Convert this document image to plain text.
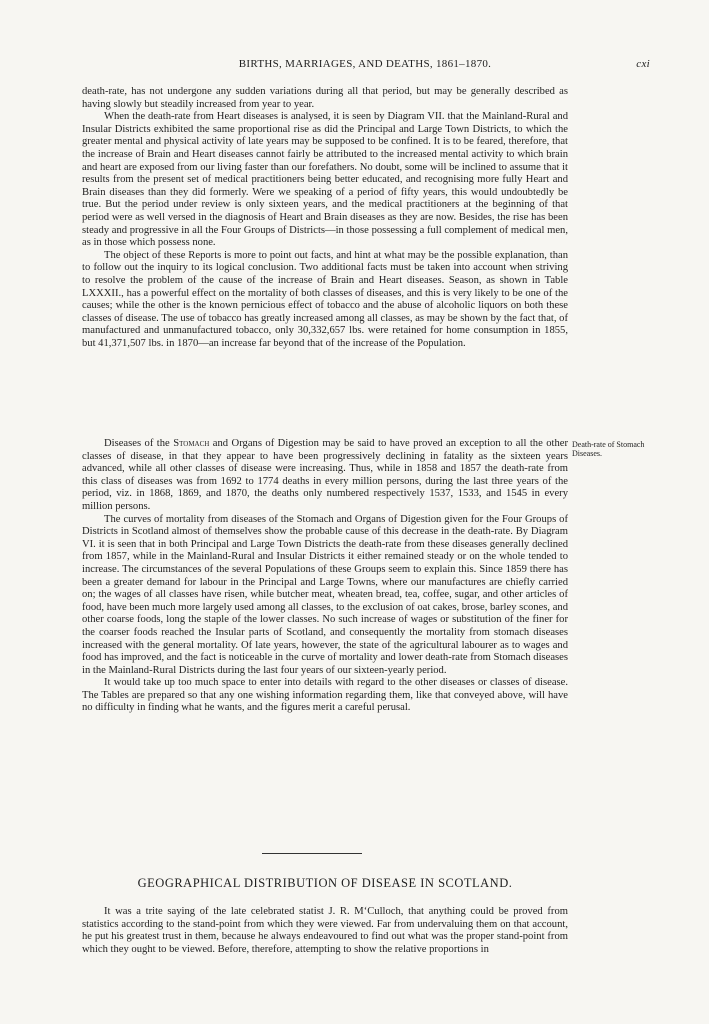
BIRTHS, MARRIAGES, AND DEATHS, 1861–1870.	cxi

death-rate, has not undergone any sudden variations during all that period, but may be generally described as having slowly but steadily increased from year to year.

When the death-rate from Heart diseases is analysed, it is seen by Diagram VII. that the Mainland-Rural and Insular Districts exhibited the same proportional rise as did the Principal and Large Town Districts, to which the greater mental and physical activity of late years may be supposed to be confined. It is to be feared, therefore, that the increase of Brain and Heart diseases cannot fairly be attributed to the increased mental activity to which brain and heart are exposed from our living faster than our forefathers. No doubt, some will be inclined to assume that it results from the present set of medical practitioners being better educated, and recognising more fully Heart and Brain diseases than they did formerly. Were we speaking of a period of fifty years, this would undoubtedly be true. But the period under review is only sixteen years, and the medical practitioners at the beginning of that period were as well versed in the diagnosis of Heart and Brain diseases as they are now. Besides, the rise has been steady and progressive in all the Four Groups of Districts—in those possessing a full complement of medical men, as in those which possess none.

The object of these Reports is more to point out facts, and hint at what may be the possible explanation, than to follow out the inquiry to its logical conclusion. Two additional facts must be taken into account when striving to resolve the problem of the cause of the increase of Brain and Heart diseases. Season, as shown in Table LXXXII., has a powerful effect on the mortality of both classes of diseases, and this is very likely to be one of the causes; while the other is the known pernicious effect of tobacco and the abuse of alcoholic liquors on both these classes of disease. The use of tobacco has greatly increased among all classes, as may be shown by the fact that, of manufactured and unmanufactured tobacco, only 30,332,657 lbs. were retained for home consumption in 1855, but 41,371,507 lbs. in 1870—an increase far beyond that of the increase of the Population.

Death-rate of Stomach Diseases.

Diseases of the Stomach and Organs of Digestion may be said to have proved an exception to all the other classes of disease, in that they appear to have been progressively declining in fatality as the sixteen years advanced, while all other classes of disease were increasing. Thus, while in 1858 and 1857 the death-rate from this class of diseases was from 1692 to 1774 deaths in every million persons, during the last three years of the period, viz. in 1868, 1869, and 1870, the deaths only numbered respectively 1537, 1533, and 1545 in every million persons.

The curves of mortality from diseases of the Stomach and Organs of Digestion given for the Four Groups of Districts in Scotland almost of themselves show the probable cause of this decrease in the death-rate. By Diagram VI. it is seen that in both Principal and Large Town Districts the death-rate from these diseases generally declined from 1857, while in the Mainland-Rural and Insular Districts it either remained steady or on the whole tended to increase. The circumstances of the several Populations of these Groups seem to explain this. Since 1859 there has been a greater demand for labour in the Principal and Large Towns, where our manufactures are chiefly carried on; the wages of all classes have risen, while butcher meat, wheaten bread, tea, coffee, sugar, and other articles of food, have been much more largely used among all classes, to the exclusion of oat cakes, brose, barley scones, and other coarse foods, long the staple of the lower classes. No such increase of wages or substitution of the finer for the coarser foods reached the Insular parts of Scotland, and consequently the mortality from stomach diseases increased with the general mortality. Of late years, however, the state of the agricultural labourer as to wages and food has improved, and the fact is noticeable in the curve of mortality and lower death-rate from Stomach diseases in the Mainland-Rural Districts during the last four years of our sixteen-yearly period.

It would take up too much space to enter into details with regard to the other diseases or classes of disease. The Tables are prepared so that any one wishing information regarding them, like that conveyed above, will have no difficulty in finding what he wants, and the figures merit a careful perusal.

GEOGRAPHICAL DISTRIBUTION OF DISEASE IN SCOTLAND.

It was a trite saying of the late celebrated statist J. R. M‘Culloch, that anything could be proved from statistics according to the stand-point from which they were viewed. Far from undervaluing them on that account, he put his greatest trust in them, because he always endeavoured to find out what was the proper stand-point from which they ought to be viewed. Before, therefore, attempting to show the relative proportions in
